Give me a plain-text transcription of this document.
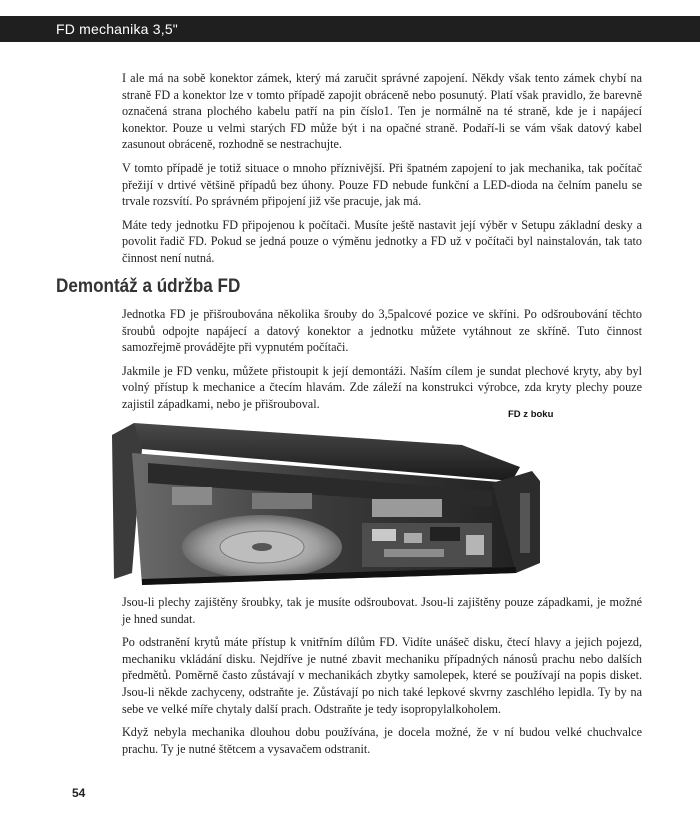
FD mechanika 3,5"

I ale má na sobě konektor zámek, který má zaručit správné zapojení. Někdy však tento zámek chybí na straně FD a konektor lze v tomto případě zapojit obráceně nebo posunutý. Platí však pravidlo, že barevně označená strana plochého kabelu patří na pin číslo1. Ten je normálně na té straně, kde je i napájecí konektor. Pouze u velmi starých FD může být i na opačné straně. Podaří-li se vám však datový kabel zasunout obráceně, rozhodně se nestrachujte.

V tomto případě je totiž situace o mnoho příznivější. Při špatném zapojení to jak mechanika, tak počítač přežijí v drtivé většině případů bez úhony. Pouze FD nebude funkční a LED-dioda na čelním panelu se trvale rozsvítí. Po správném připojení již vše pracuje, jak má.

Máte tedy jednotku FD připojenou k počítači. Musíte ještě nastavit její výběr v Setupu základní desky a povolit řadič FD. Pokud se jedná pouze o výměnu jednotky a FD už v počítači byl nainstalován, tak tato činnost není nutná.

Demontáž a údržba FD

Jednotka FD je přišroubována několika šrouby do 3,5palcové pozice ve skříni. Po odšroubování těchto šroubů odpojte napájecí a datový konektor a jednotku můžete vytáhnout ze skříně. Tuto činnost samozřejmě provádějte při vypnutém počítači.

Jakmile je FD venku, můžete přistoupit k její demontáži. Naším cílem je sundat plechové kryty, aby byl volný přístup k mechanice a čtecím hlavám. Zde záleží na konstrukci výrobce, zda kryty plechy pouze zajistil západkami, nebo je přišrouboval.

FD z boku

Jsou-li plechy zajištěny šroubky, tak je musíte odšroubovat. Jsou-li zajištěny pouze západkami, je možné je hned sundat.

Po odstranění krytů máte přístup k vnitřním dílům FD. Vidíte unášeč disku, čtecí hlavy a jejich pojezd, mechaniku vkládání disku. Nejdříve je nutné zbavit mechaniku případných nánosů prachu nebo dalších předmětů. Poměrně často zůstávají v mechanikách zbytky samolepek, které se používají na popis disket. Jsou-li někde zachyceny, odstraňte je. Zůstávají po nich také lepkové skvrny zaschlého lepidla. Ty by na sebe ve velké míře chytaly další prach. Odstraňte je tedy isopropylalkoholem.

Když nebyla mechanika dlouhou dobu používána, je docela možné, že v ní budou velké chuchvalce prachu. Ty je nutné štětcem a vysavačem odstranit.

54
